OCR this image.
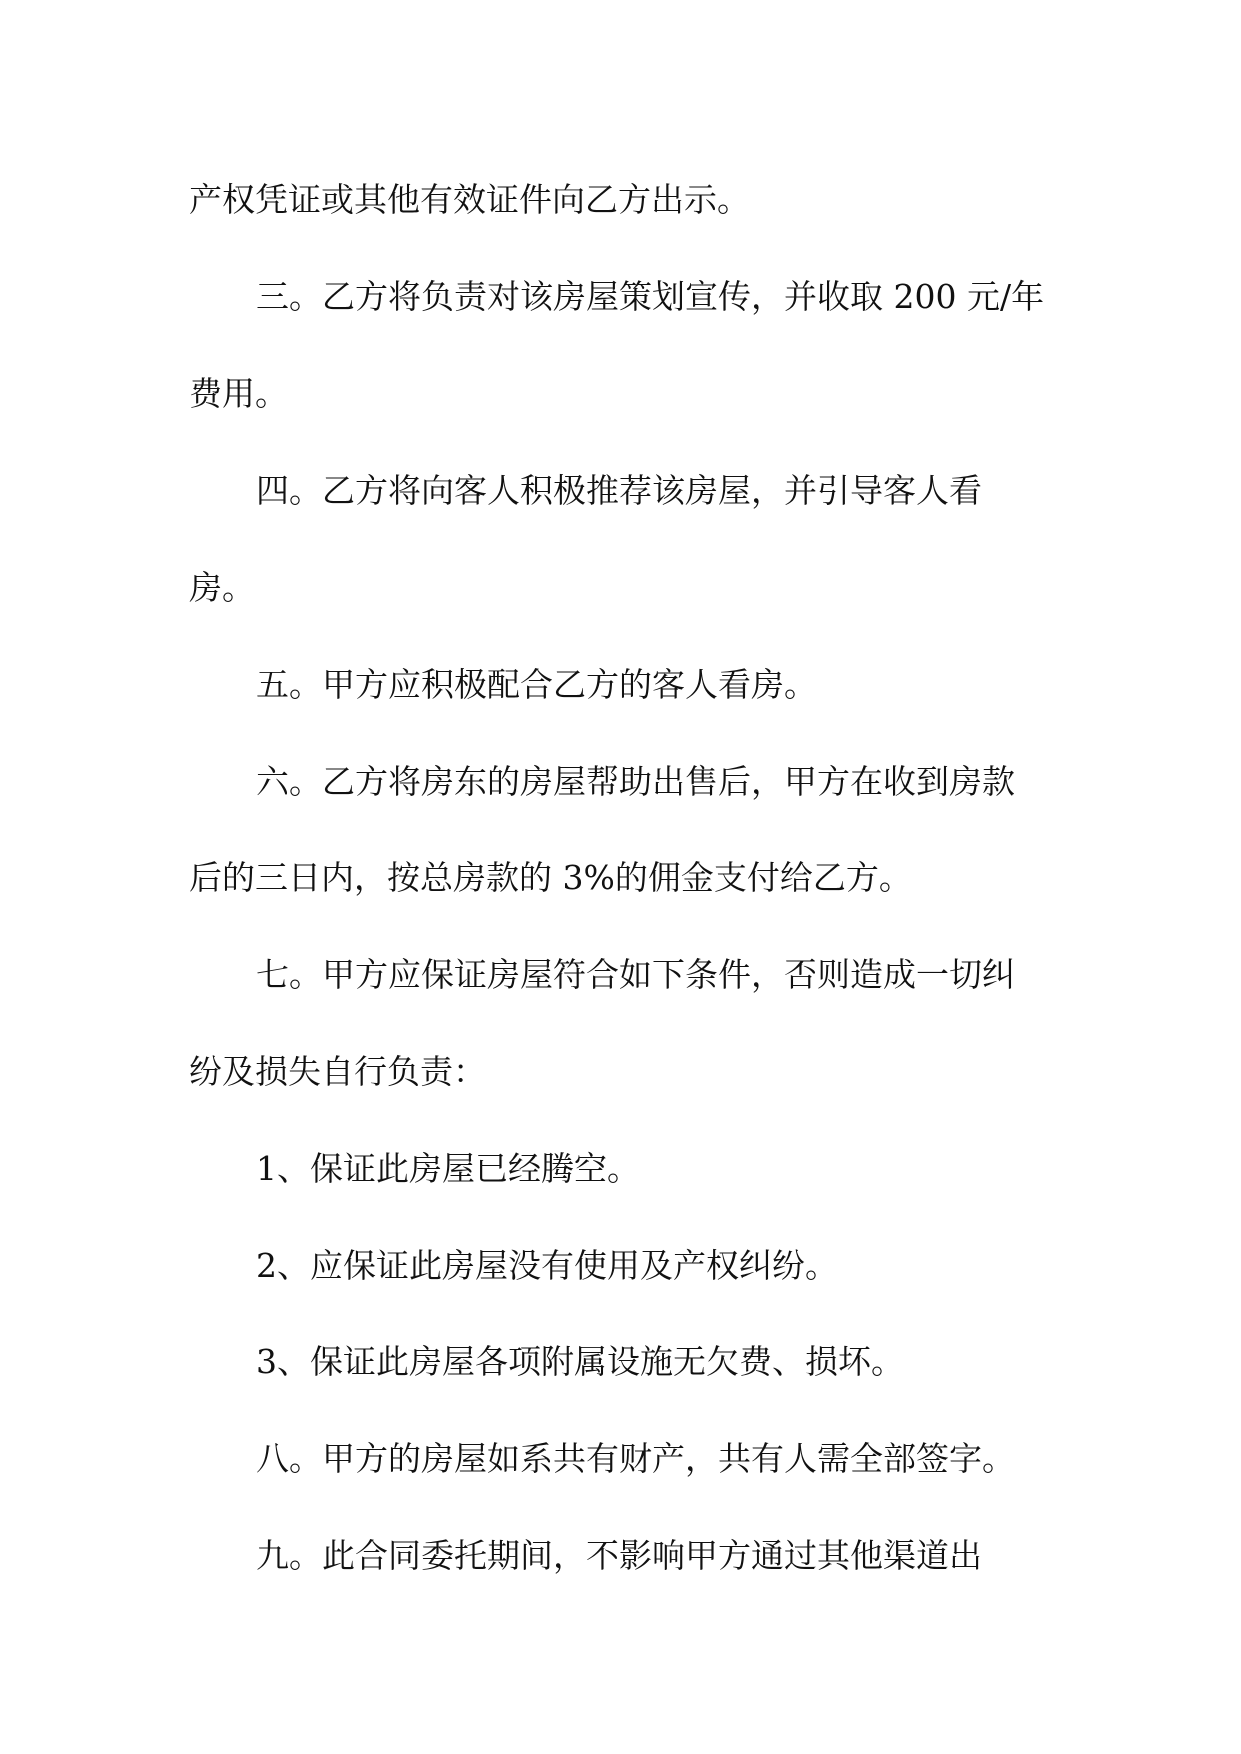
产权凭证或其他有效证件向乙方出示。

三。乙方将负责对该房屋策划宣传，并收取 200 元/年

费用。

四。乙方将向客人积极推荐该房屋，并引导客人看

房。

五。甲方应积极配合乙方的客人看房。

六。乙方将房东的房屋帮助出售后，甲方在收到房款

后的三日内，按总房款的 3%的佣金支付给乙方。

七。甲方应保证房屋符合如下条件，否则造成一切纠

纷及损失自行负责：

1、保证此房屋已经腾空。

2、应保证此房屋没有使用及产权纠纷。

3、保证此房屋各项附属设施无欠费、损坏。

八。甲方的房屋如系共有财产，共有人需全部签字。

九。此合同委托期间，不影响甲方通过其他渠道出
